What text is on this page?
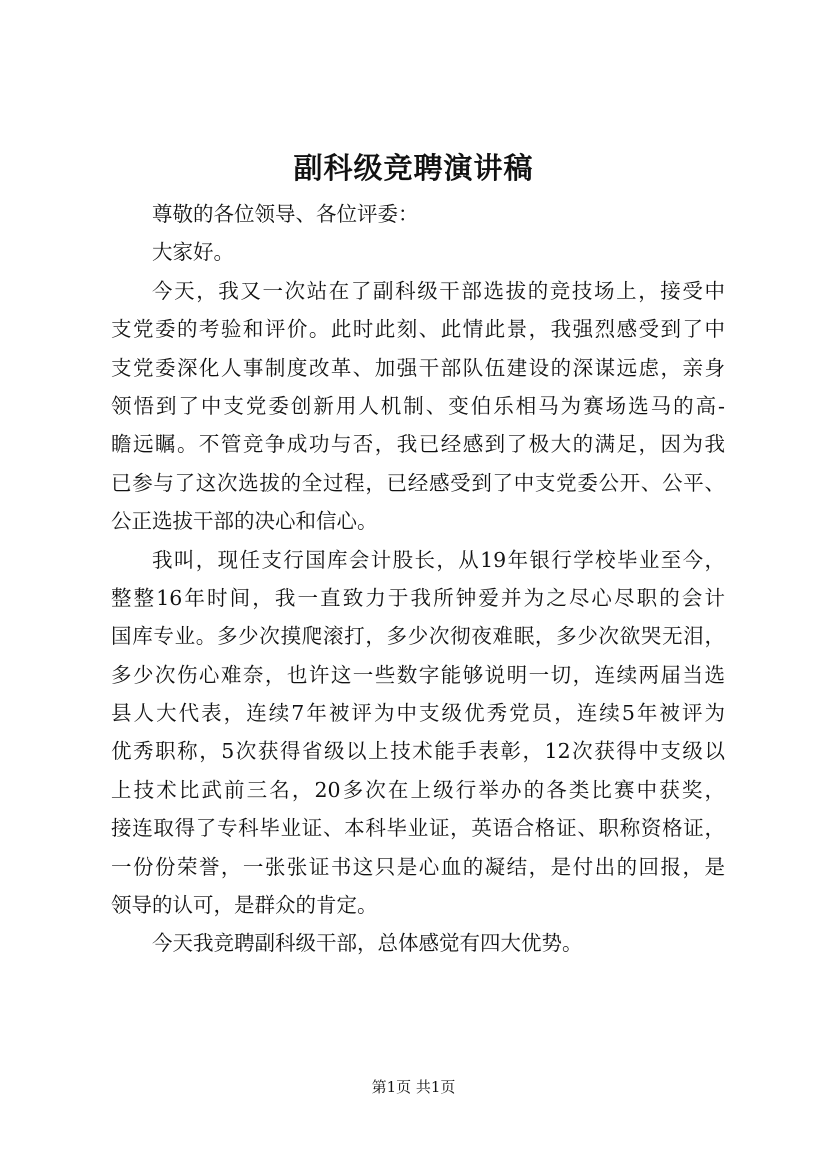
副科级竞聘演讲稿
尊敬的各位领导、各位评委：
大家好。
今天，我又一次站在了副科级干部选拔的竞技场上，接受中
支党委的考验和评价。此时此刻、此情此景，我强烈感受到了中
支党委深化人事制度改革、加强干部队伍建设的深谋远虑，亲身
领悟到了中支党委创新用人机制、变伯乐相马为赛场选马的高-
瞻远瞩。不管竞争成功与否，我已经感到了极大的满足，因为我
已参与了这次选拔的全过程，已经感受到了中支党委公开、公平、
公正选拔干部的决心和信心。
我叫，现任支行国库会计股长，从19年银行学校毕业至今，
整整16年时间，我一直致力于我所钟爱并为之尽心尽职的会计
国库专业。多少次摸爬滚打，多少次彻夜难眠，多少次欲哭无泪，
多少次伤心难奈，也许这一些数字能够说明一切，连续两届当选
县人大代表，连续7年被评为中支级优秀党员，连续5年被评为
优秀职称，5次获得省级以上技术能手表彰，12次获得中支级以
上技术比武前三名，20多次在上级行举办的各类比赛中获奖，
接连取得了专科毕业证、本科毕业证，英语合格证、职称资格证，
一份份荣誉，一张张证书这只是心血的凝结，是付出的回报，是
领导的认可，是群众的肯定。
今天我竞聘副科级干部，总体感觉有四大优势。
第1页 共1页
